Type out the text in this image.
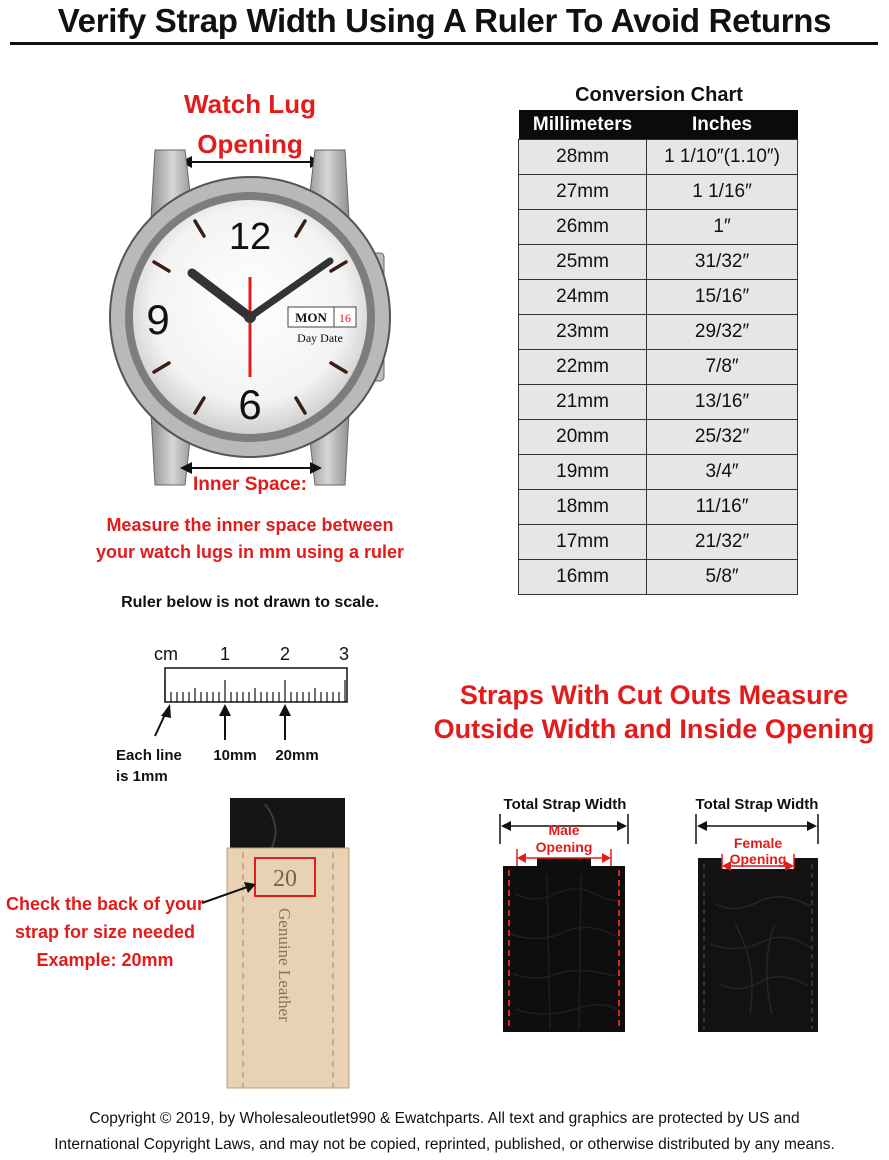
Verify Strap Width Using A Ruler To Avoid Returns
Watch Lug
Opening
12
9
6
MON 16
Day Date
Inner Space:
Measure the inner space between
your watch lugs in mm using a ruler
Ruler below is not drawn to scale.
cm 1	2	3
Each line
is 1mm
10mm 20mm
Conversion Chart
Millimeters	Inches
28mm	1 1/10″(1.10″)
27mm	1 1/16″
26mm	1″
25mm	31/32″
24mm	15/16″
23mm	29/32″
22mm	7/8″
21mm	13/16″
20mm	25/32″
19mm	3/4″
18mm	11/16″
17mm	21/32″
16mm	5/8″
Straps With Cut Outs Measure
Outside Width and Inside Opening
Total Strap Width
Male
Opening
Total Strap Width
Female
Opening
20
Genuine Leather
Check the back of your
strap for size needed
Example: 20mm
Copyright © 2019, by Wholesaleoutlet990 & Ewatchparts. All text and graphics are protected by US and
International Copyright Laws, and may not be copied, reprinted, published, or otherwise distributed by any means.
